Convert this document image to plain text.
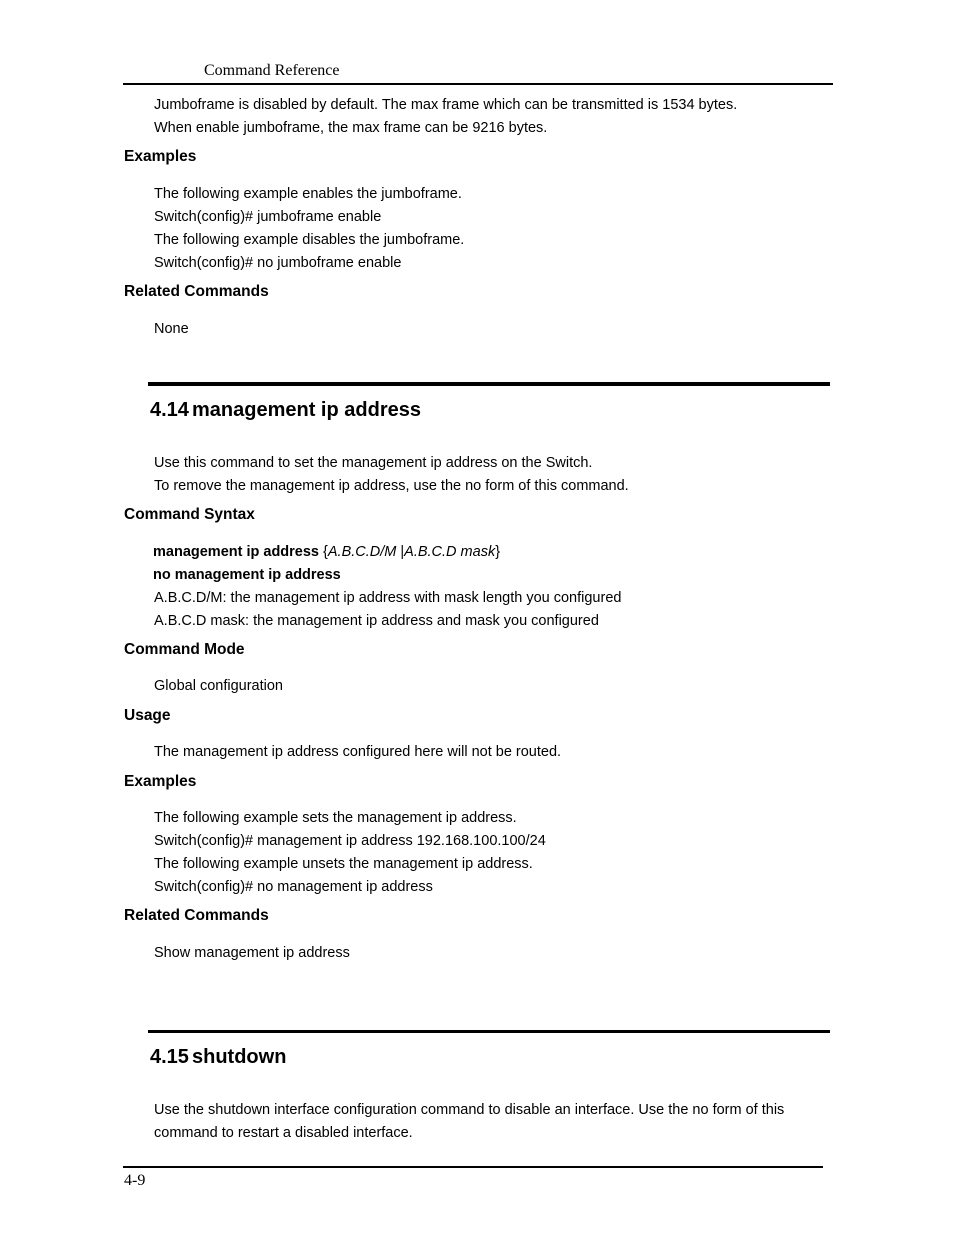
Command Reference
Jumboframe is disabled by default. The max frame which can be transmitted is 1534 bytes.
When enable jumboframe, the max frame can be 9216 bytes.
Examples
The following example enables the jumboframe.
Switch(config)# jumboframe enable
The following example disables the jumboframe.
Switch(config)# no jumboframe enable
Related Commands
None
4.14 management ip address
Use this command to set the management ip address on the Switch.
To remove the management ip address, use the no form of this command.
Command Syntax
management ip address {A.B.C.D/M |A.B.C.D mask}
no management ip address
A.B.C.D/M: the management ip address with mask length you configured
A.B.C.D mask: the management ip address and mask you configured
Command Mode
Global configuration
Usage
The management ip address configured here will not be routed.
Examples
The following example sets the management ip address.
Switch(config)# management ip address 192.168.100.100/24
The following example unsets the management ip address.
Switch(config)# no management ip address
Related Commands
Show management ip address
4.15 shutdown
Use the shutdown interface configuration command to disable an interface. Use the no form of this
command to restart a disabled interface.
4-9
